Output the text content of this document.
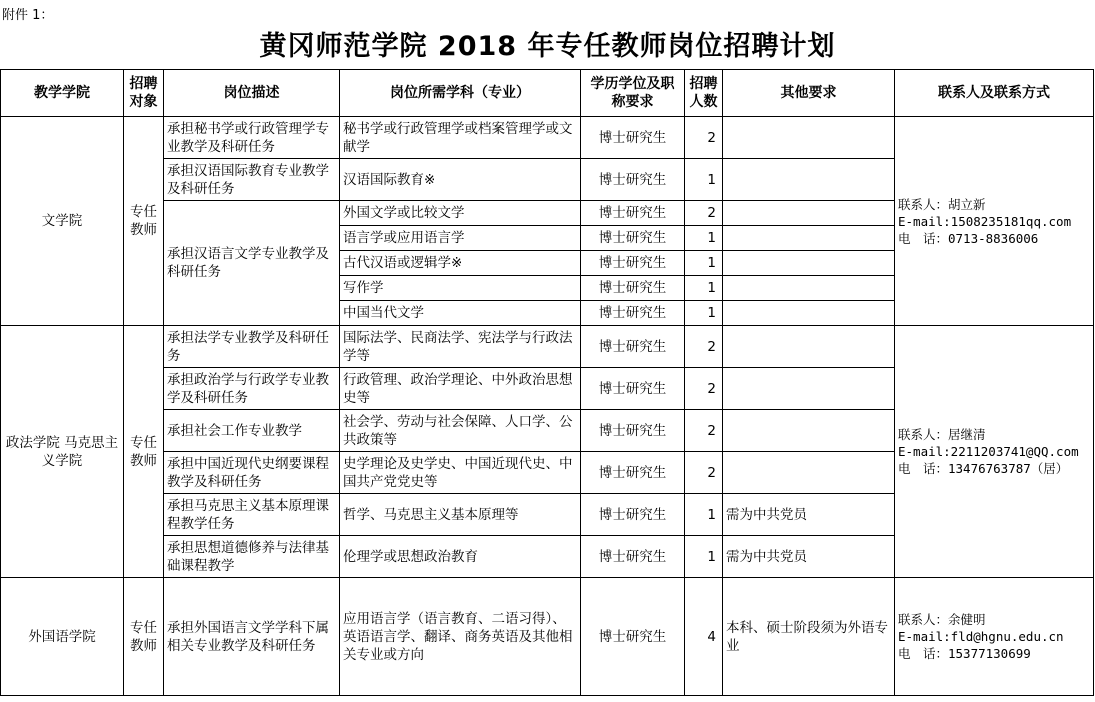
附件 1：
黄冈师范学院 2018 年专任教师岗位招聘计划
教学学院	招聘对象	岗位描述	岗位所需学科（专业）	学历学位及职称要求	招聘人数	其他要求	联系人及联系方式
文学院	专任教师	承担秘书学或行政管理学专业教学及科研任务	秘书学或行政管理学或档案管理学或文献学	博士研究生	2		联系人：胡立新
E-mail:1508235181qq.com
电　话：0713-8836006

		承担汉语国际教育专业教学及科研任务	汉语国际教育※	博士研究生	1		
		承担汉语言文学专业教学及科研任务	外国文学或比较文学	博士研究生	2		
			语言学或应用语言学	博士研究生	1		
			古代汉语或逻辑学※	博士研究生	1		
			写作学	博士研究生	1		
			中国当代文学	博士研究生	1		
政法学院 马克思主义学院	专任教师	承担法学专业教学及科研任务	国际法学、民商法学、宪法学与行政法学等	博士研究生	2		联系人：居继清
E-mail:2211203741@QQ.com
电　话：13476763787（居）

		承担政治学与行政学专业教学及科研任务	行政管理、政治学理论、中外政治思想史等	博士研究生	2		
		承担社会工作专业教学	社会学、劳动与社会保障、人口学、公共政策等	博士研究生	2		
		承担中国近现代史纲要课程教学及科研任务	史学理论及史学史、中国近现代史、中国共产党党史等	博士研究生	2		
		承担马克思主义基本原理课程教学任务	哲学、马克思主义基本原理等	博士研究生	1	需为中共党员	
		承担思想道德修养与法律基础课程教学	伦理学或思想政治教育	博士研究生	1	需为中共党员	
外国语学院	专任教师	承担外国语言文学学科下属相关专业教学及科研任务	应用语言学（语言教育、二语习得）、英语语言学、翻译、商务英语及其他相关专业或方向	博士研究生	4	本科、硕士阶段须为外语专业	联系人：余健明
E-mail:fld@hgnu.edu.cn
电　话：15377130699
